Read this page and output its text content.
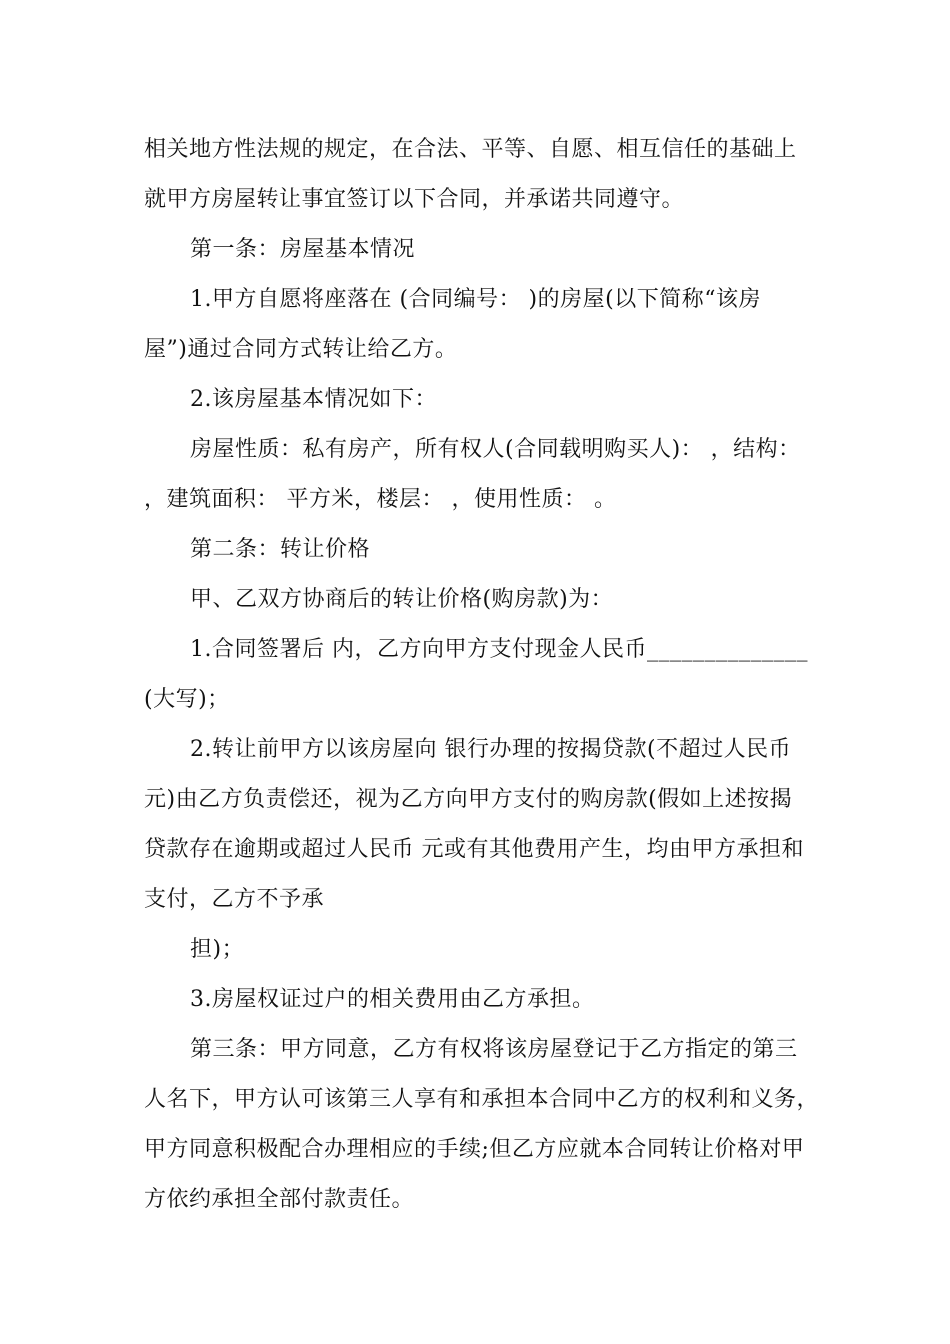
相关地方性法规的规定，在合法、平等、自愿、相互信任的基础上
就甲方房屋转让事宜签订以下合同，并承诺共同遵守。
第一条：房屋基本情况
1.甲方自愿将座落在 (合同编号： )的房屋(以下简称“该房
屋”)通过合同方式转让给乙方。
2.该房屋基本情况如下：
房屋性质：私有房产，所有权人(合同载明购买人)： ，结构：
，建筑面积： 平方米，楼层： ，使用性质： 。
第二条：转让价格
甲、乙双方协商后的转让价格(购房款)为：
1.合同签署后 内，乙方向甲方支付现金人民币______________
(大写)；
2.转让前甲方以该房屋向 银行办理的按揭贷款(不超过人民币
元)由乙方负责偿还，视为乙方向甲方支付的购房款(假如上述按揭
贷款存在逾期或超过人民币 元或有其他费用产生，均由甲方承担和
支付，乙方不予承
担)；
3.房屋权证过户的相关费用由乙方承担。
第三条：甲方同意，乙方有权将该房屋登记于乙方指定的第三
人名下，甲方认可该第三人享有和承担本合同中乙方的权利和义务，
甲方同意积极配合办理相应的手续;但乙方应就本合同转让价格对甲
方依约承担全部付款责任。
